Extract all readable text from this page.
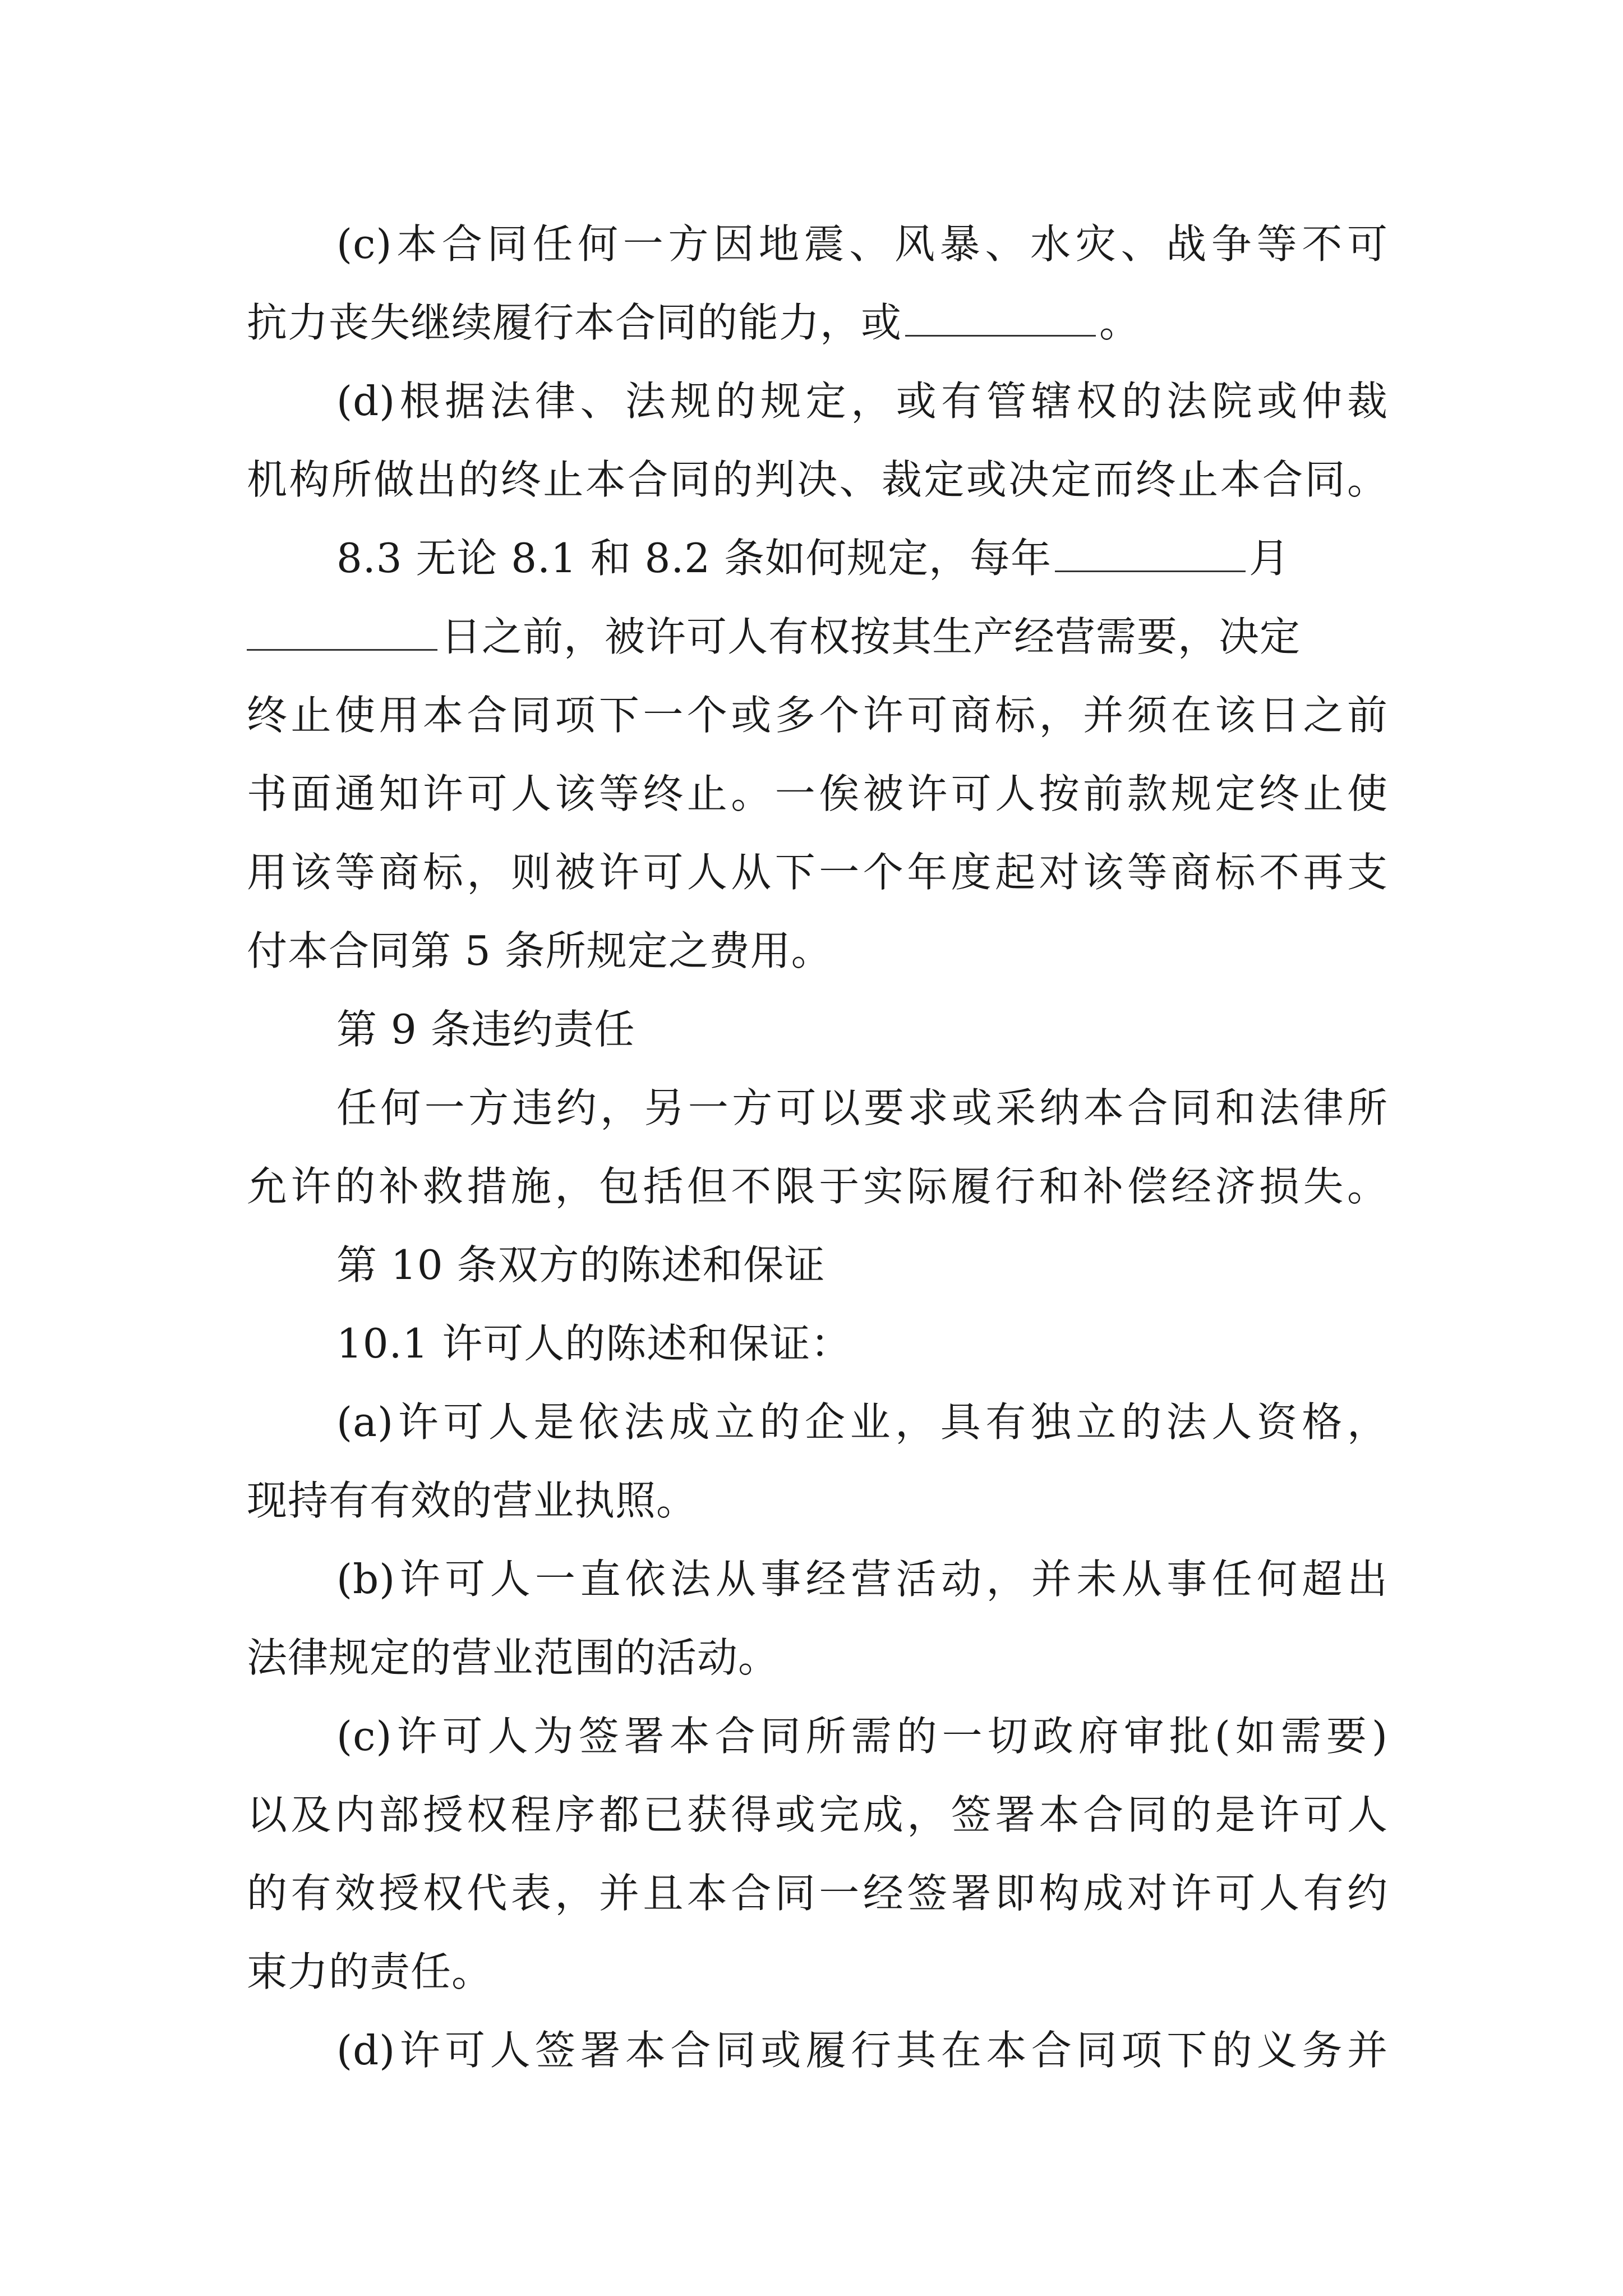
(c)本合同任何一方因地震、风暴、水灾、战争等不可
抗力丧失继续履行本合同的能力，或	。
(d)根据法律、法规的规定，或有管辖权的法院或仲裁
机构所做出的终止本合同的判决、裁定或决定而终止本合同。
8.3 无论 8.1 和 8.2 条如何规定，每年	月
日之前，被许可人有权按其生产经营需要，决定
终止使用本合同项下一个或多个许可商标，并须在该日之前
书面通知许可人该等终止。一俟被许可人按前款规定终止使
用该等商标，则被许可人从下一个年度起对该等商标不再支
付本合同第 5 条所规定之费用。
第 9 条违约责任
任何一方违约，另一方可以要求或采纳本合同和法律所
允许的补救措施，包括但不限于实际履行和补偿经济损失。
第 10 条双方的陈述和保证
10.1 许可人的陈述和保证：
(a)许可人是依法成立的企业，具有独立的法人资格，
现持有有效的营业执照。
(b)许可人一直依法从事经营活动，并未从事任何超出
法律规定的营业范围的活动。
(c)许可人为签署本合同所需的一切政府审批(如需要)
以及内部授权程序都已获得或完成，签署本合同的是许可人
的有效授权代表，并且本合同一经签署即构成对许可人有约
束力的责任。
(d)许可人签署本合同或履行其在本合同项下的义务并
